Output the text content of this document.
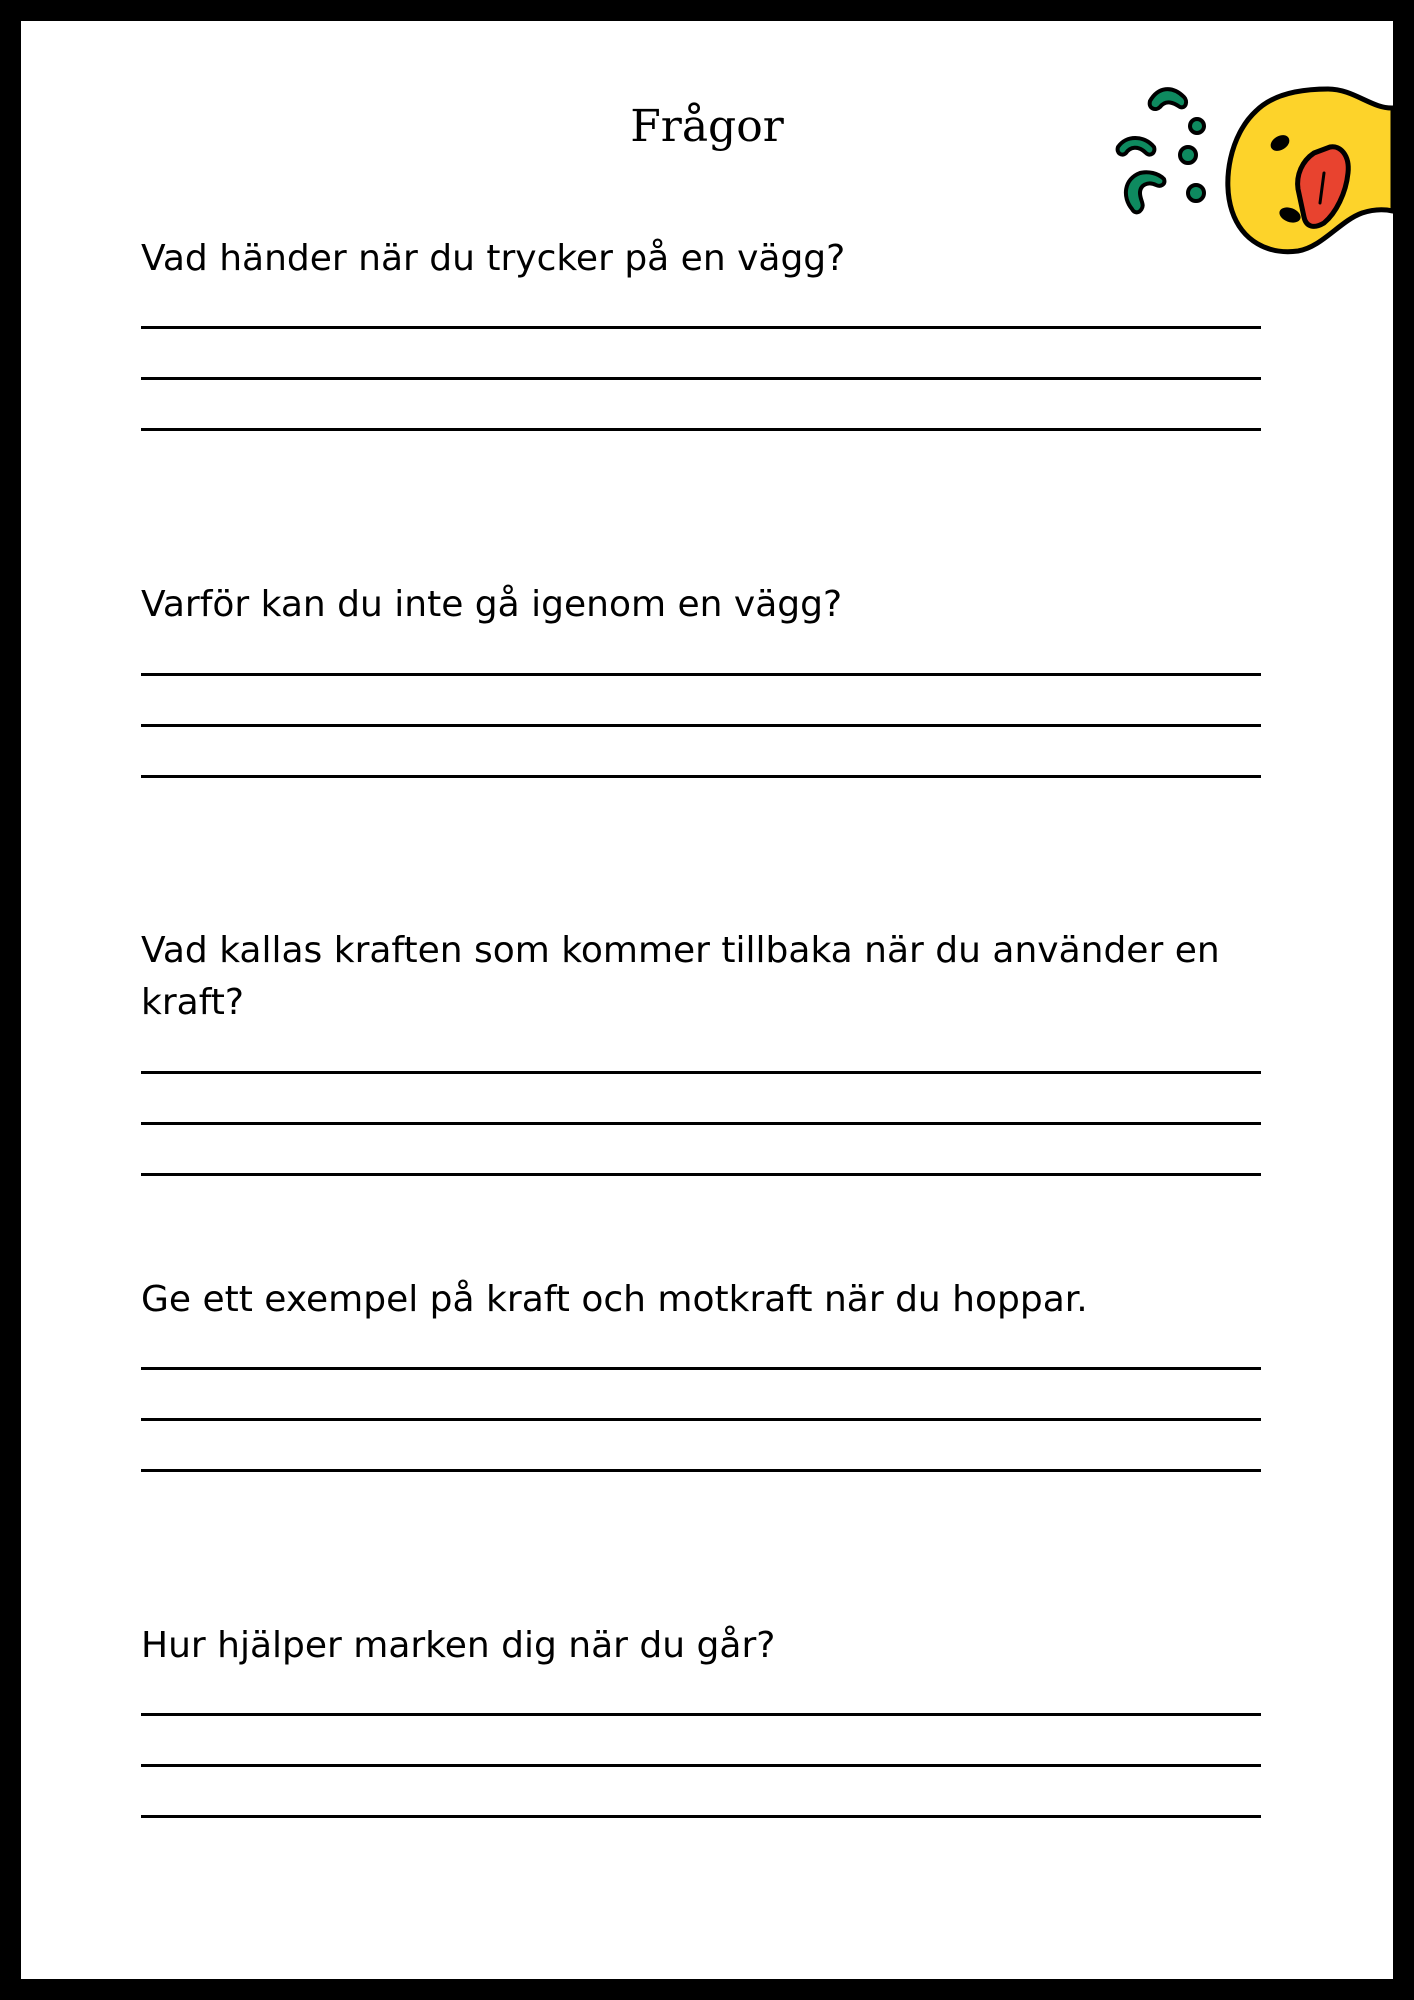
Frågor

Vad händer när du trycker på en vägg?

Varför kan du inte gå igenom en vägg?

Vad kallas kraften som kommer tillbaka när du använder en kraft?

Ge ett exempel på kraft och motkraft när du hoppar.

Hur hjälper marken dig när du går?
